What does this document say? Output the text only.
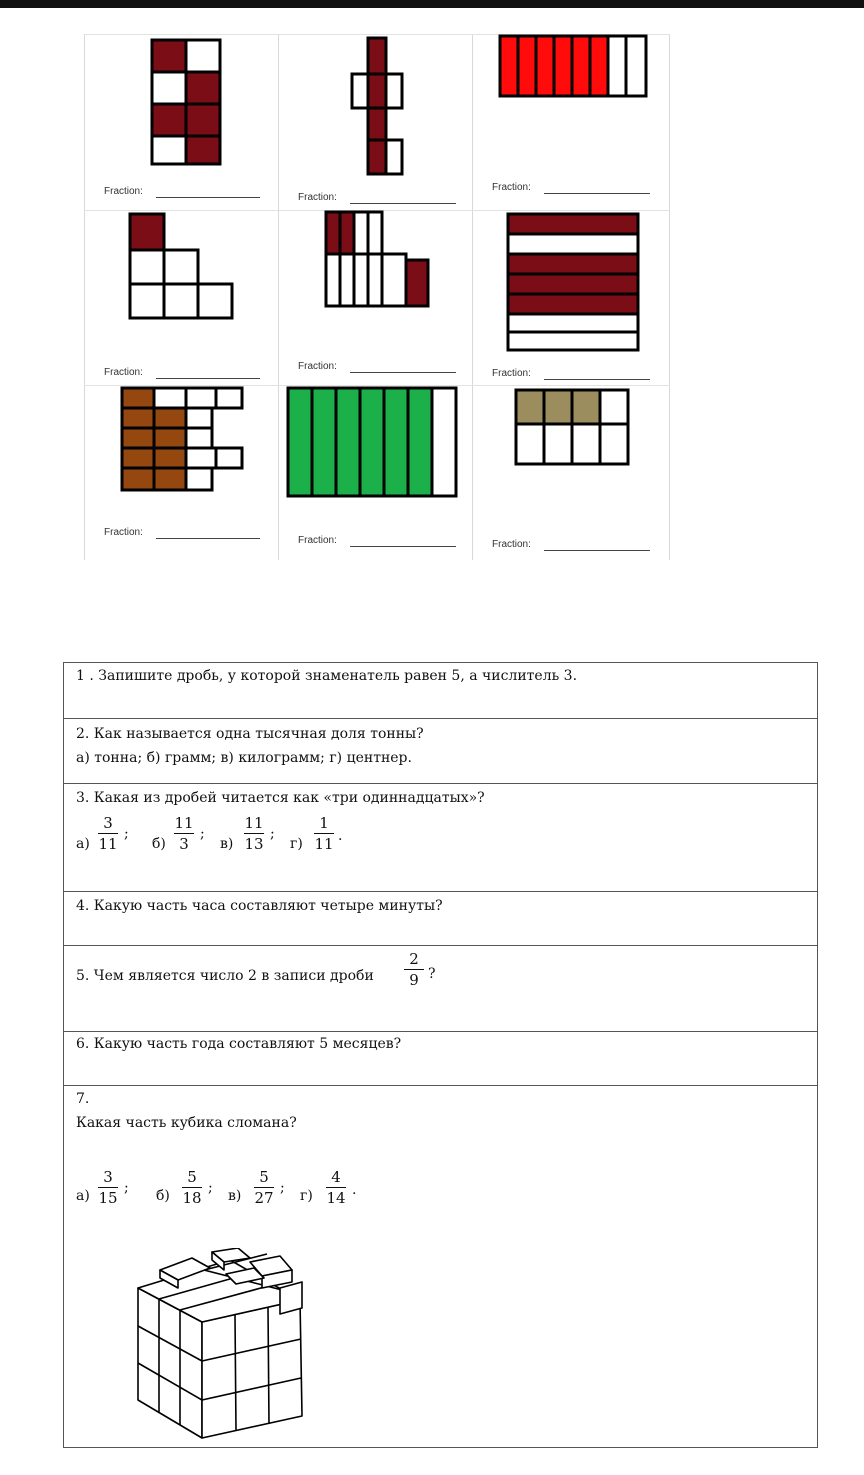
Fraction:
Fraction:
Fraction:
Fraction:
Fraction:
Fraction:
Fraction:
Fraction:	Fraction:
1 . Запишите дробь, у которой знаменатель равен 5, а числитель 3.
2. Как называется одна тысячная доля тонны?
а) тонна; б) грамм; в) килограмм; г) центнер.
3. Какая из дробей читается как «три одиннадцатых»?
а)
3
11
;
б)
11
3
;
в)
11
13
;
г)
1
11 .
4. Какую часть часа составляют четыре минуты?
5. Чем является число 2 в записи дроби
2
9 ?
6. Какую часть года составляют 5 месяцев?
7.
Какая часть кубика сломана?
а)
3
15
; б)
5
18
; в)
5
27
; г)
4
14 .
